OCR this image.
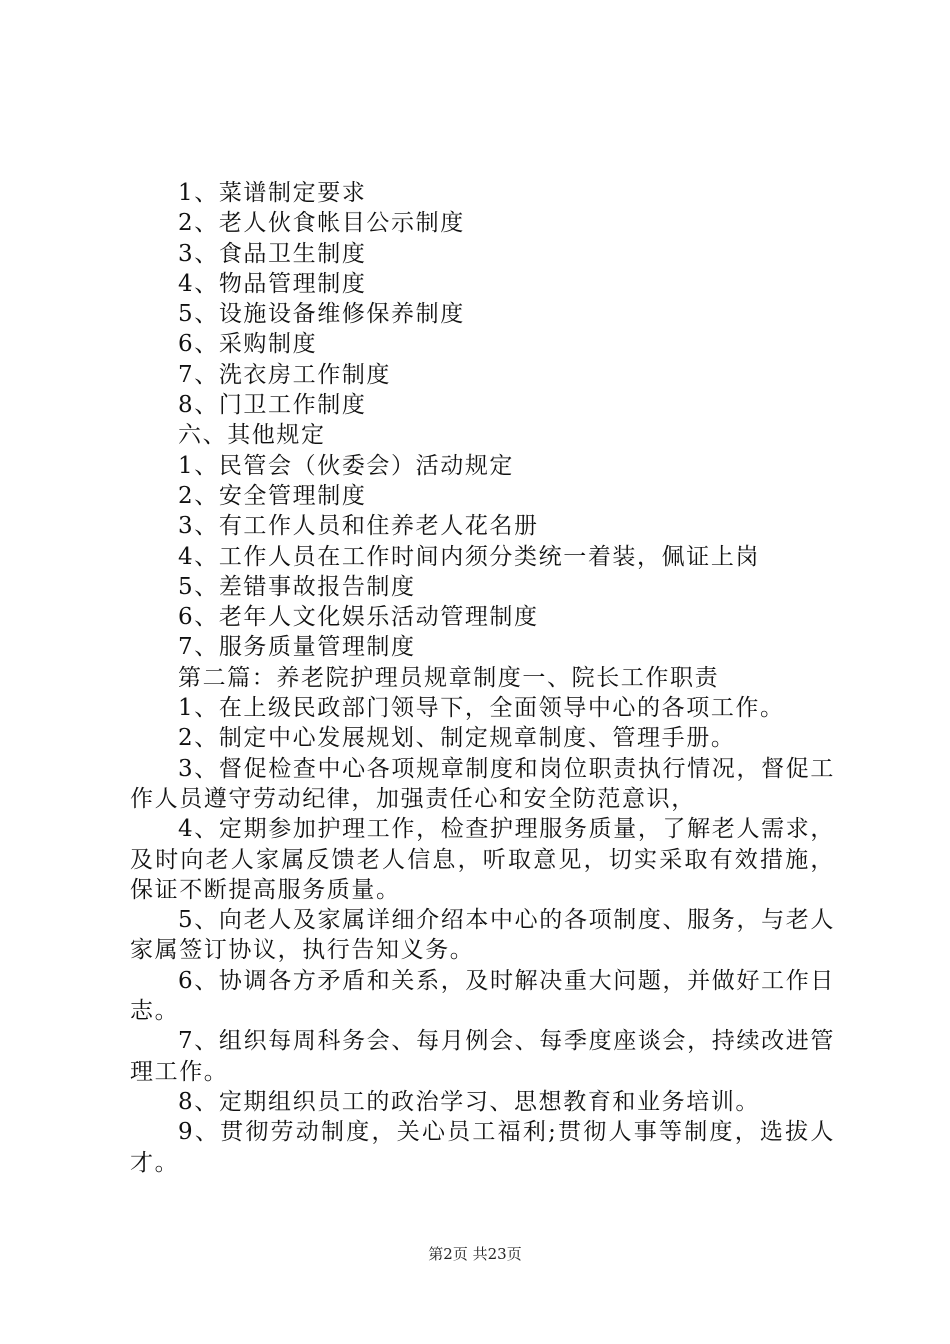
1、菜谱制定要求
2、老人伙食帐目公示制度
3、食品卫生制度
4、物品管理制度
5、设施设备维修保养制度
6、采购制度
7、洗衣房工作制度
8、门卫工作制度
六、其他规定
1、民管会（伙委会）活动规定
2、安全管理制度
3、有工作人员和住养老人花名册
4、工作人员在工作时间内须分类统一着装，佩证上岗
5、差错事故报告制度
6、老年人文化娱乐活动管理制度
7、服务质量管理制度
第二篇：养老院护理员规章制度一、院长工作职责

1、在上级民政部门领导下，全面领导中心的各项工作。

2、制定中心发展规划、制定规章制度、管理手册。

3、督促检查中心各项规章制度和岗位职责执行情况，督促工作人员遵守劳动纪律，加强责任心和安全防范意识，

4、定期参加护理工作，检查护理服务质量，了解老人需求，及时向老人家属反馈老人信息，听取意见，切实采取有效措施，保证不断提高服务质量。

5、向老人及家属详细介绍本中心的各项制度、服务，与老人家属签订协议，执行告知义务。

6、协调各方矛盾和关系，及时解决重大问题，并做好工作日志。

7、组织每周科务会、每月例会、每季度座谈会，持续改进管理工作。

8、定期组织员工的政治学习、思想教育和业务培训。

9、贯彻劳动制度，关心员工福利;贯彻人事等制度，选拔人才。

第2页 共23页
